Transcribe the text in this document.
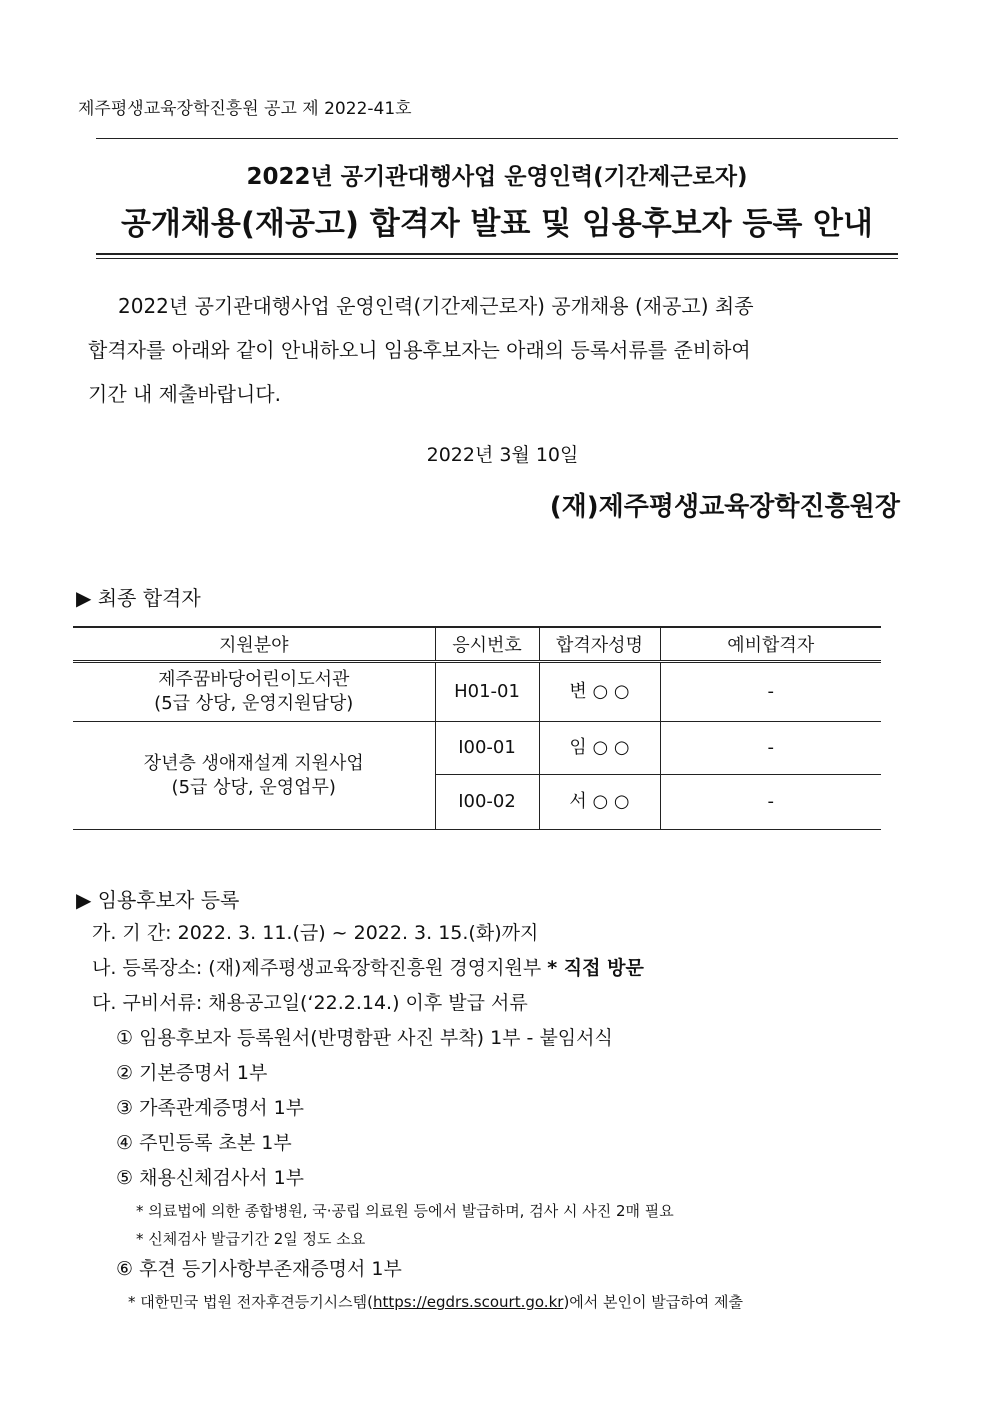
제주평생교육장학진흥원 공고 제 2022-41호
2022년 공기관대행사업 운영인력(기간제근로자)
공개채용(재공고) 합격자 발표 및 임용후보자 등록 안내
2022년 공기관대행사업 운영인력(기간제근로자) 공개채용 (재공고) 최종
합격자를 아래와 같이 안내하오니 임용후보자는 아래의 등록서류를 준비하여
기간 내 제출바랍니다.
2022년 3월 10일
(재)제주평생교육장학진흥원장
▶ 최종 합격자
지원분야	응시번호	합격자성명	예비합격자

제주꿈바당어린이도서관
(5급 상당, 운영지원담당)	H01-01	변 ○ ○	-

장년층 생애재설계 지원사업
(5급 상당, 운영업무)	I00-01	임 ○ ○	-
	I00-02	서 ○ ○	-
▶ 임용후보자 등록
가. 기 간: 2022. 3. 11.(금) ~ 2022. 3. 15.(화)까지
나. 등록장소: (재)제주평생교육장학진흥원 경영지원부 * 직접 방문
다. 구비서류: 채용공고일(‘22.2.14.) 이후 발급 서류
① 임용후보자 등록원서(반명함판 사진 부착) 1부 - 붙임서식
② 기본증명서 1부
③ 가족관계증명서 1부
④ 주민등록 초본 1부
⑤ 채용신체검사서 1부
* 의료법에 의한 종합병원, 국·공립 의료원 등에서 발급하며, 검사 시 사진 2매 필요
* 신체검사 발급기간 2일 정도 소요
⑥ 후견 등기사항부존재증명서 1부
* 대한민국 법원 전자후견등기시스템(https://egdrs.scourt.go.kr)에서 본인이 발급하여 제출
